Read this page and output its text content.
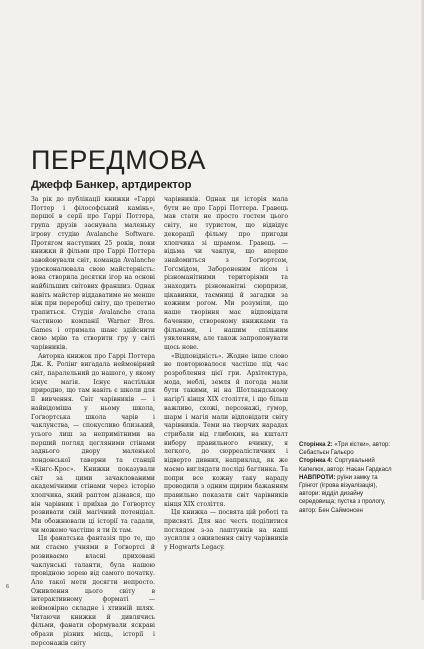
ПЕРЕДМОВА
Джефф Банкер, артдиректор

За рік до публікації книжки «Гаррі Поттер і філософський камінь», першої в серії про Гаррі Поттера, група друзів заснувала маленьку ігрову студію Avalanche Software. Протягом наступних 25 років, поки книжки й фільми про Гаррі Поттера завойовували світ, команда Avalanche удосконалювала свою майстерність: вона створила десятки ігор на основі найбільших світових франшиз. Однак навіть майстер віддаватиме не менше ніж при переробці світу, що трепетно трапиться. Студія Avalanche стала частиною компанії Warner Bros. Games і отримала шанс здійснити свою мрію та створити гру у світі чарівників.

Авторка книжок про Гаррі Поттера Дж. К. Ролінг вигадала неймовірний світ, паралельний до нашого, у якому існує магія. Існує настільки природно, що там навіть є школи для її вивчення. Світ чарівників — і найвідоміша у ньому школа, Гоґвортська школа чарів і чаклунства, — спокусливо близький, усього лиш за непримітними на перший погляд цегляними стінами заднього двору маленької лондонської таверни та станції «Кінгс-Крос». Книжки показували світ за цими зачаклованими академічними стінами через історію хлопчика, який раптом дізнався, що він чарівник і приїхав до Гоґвортсу розвивати свій магічний потенціал. Ми обожнювали ці історії та гадали, чи можемо частіше я ти їх там.

Ця фанатська фантазія про те, що ми стаємо учнями в Гоґвортсі й розвиваємо власні приховані чаклунські таланти, була нашою провідною зорею від самого початку. Але такої мети досягти непросто. Оживлення цього світу в інтерактивному форматі — неймовірно складне і хтивній шлях. Читаючи книжки й дивлячись фільми, фанати сформували яскраві образи різних місць, історії і персонажів світу

чарівників. Однак ця історія мала бути не про Гаррі Поттера. Гравець мав стати не просто гостем цього світу, не туристом, що відвідує декорації фільму про пригоди хлопчика зі шрамом. Гравець — відьма чи чаклун, що вперше знайомиться з Гоґвортсом, Гоґсмідом, Забороненим лісом і різноманітними територіями та знаходить різноманітні сюрпризи, цікавинки, таємниці й загадки за кожним рогом. Ми розуміли, що наше творіння має відповідати баченню, створеному книжками та фільмами, і нашим спільним уявленням, але також запропонувати щось нове.

«Відповідність». Жодне інше слово не повторювалося частіше під час розроблення цієї гри. Архітектура, мода, меблі, земля й погода мали бути такими, ні на Шотландському нагір'ї кінця XIX століття, і що більш важливо, схожі, персонажі, гумор, шарм і магія мали відповідати світу чарівників. Теми на творчих нарадах стрибали від глибоких, на кшталт вибору правильного вчинку, я легкого, до сюрреалістичних і відверто дивних, наприклад, як же маємо виглядати посліді багтинка. Та попри все кожну таку нараду проводили з одним щирим бажанням правильно показати світ чарівників кінця XIX століття.

Ця книжка — посвята цій роботі та присвяті. Для нас честь поділитися поглядом з-за лаштунків на наші зусилля з оживлення світу чарівників у Hogwarts Legacy.

Сторінка 2: «Три кістки», автор: Себастьєн Гальєро

Сторінка 4: Сортувальний Капелюх, автор: Наєан Гардкасл

НАВПРОТИ: руїни замку та Грінгот (ігрова візуалізація), автори: відділ дизайну середовища; пустка з прологу, автор: Бен Саймонсен

6
